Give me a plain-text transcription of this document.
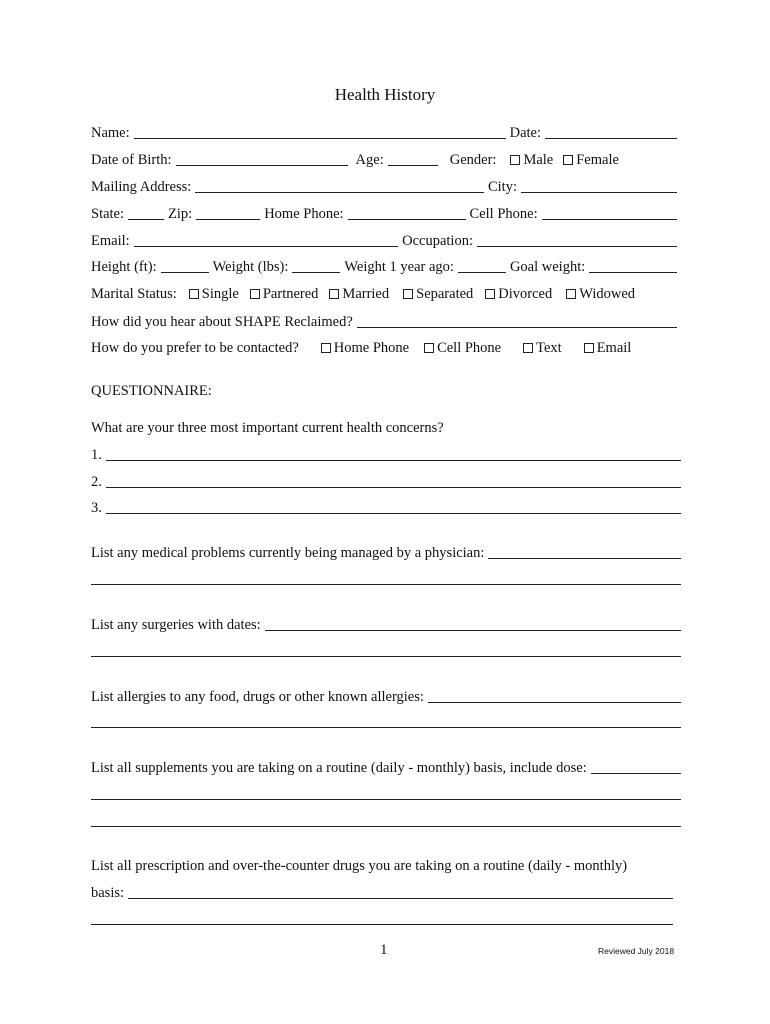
Health History
Name:	Date:
Date of Birth:	Age:	Gender: Male Female
Mailing Address:	City:
State:	Zip:	Home Phone:	Cell Phone:
Email:	Occupation:
Height (ft):	Weight (lbs):	Weight 1 year ago:	Goal weight:
Marital Status: Single Partnered Married Separated Divorced Widowed
How did you hear about SHAPE Reclaimed?
How do you prefer to be contacted? Home Phone Cell Phone Text Email
QUESTIONNAIRE:
What are your three most important current health concerns?
1.
2.
3.
List any medical problems currently being managed by a physician:
List any surgeries with dates:
List allergies to any food, drugs or other known allergies:
List all supplements you are taking on a routine (daily - monthly) basis, include dose:
List all prescription and over-the-counter drugs you are taking on a routine (daily - monthly)
basis:
1	Reviewed July 2018
